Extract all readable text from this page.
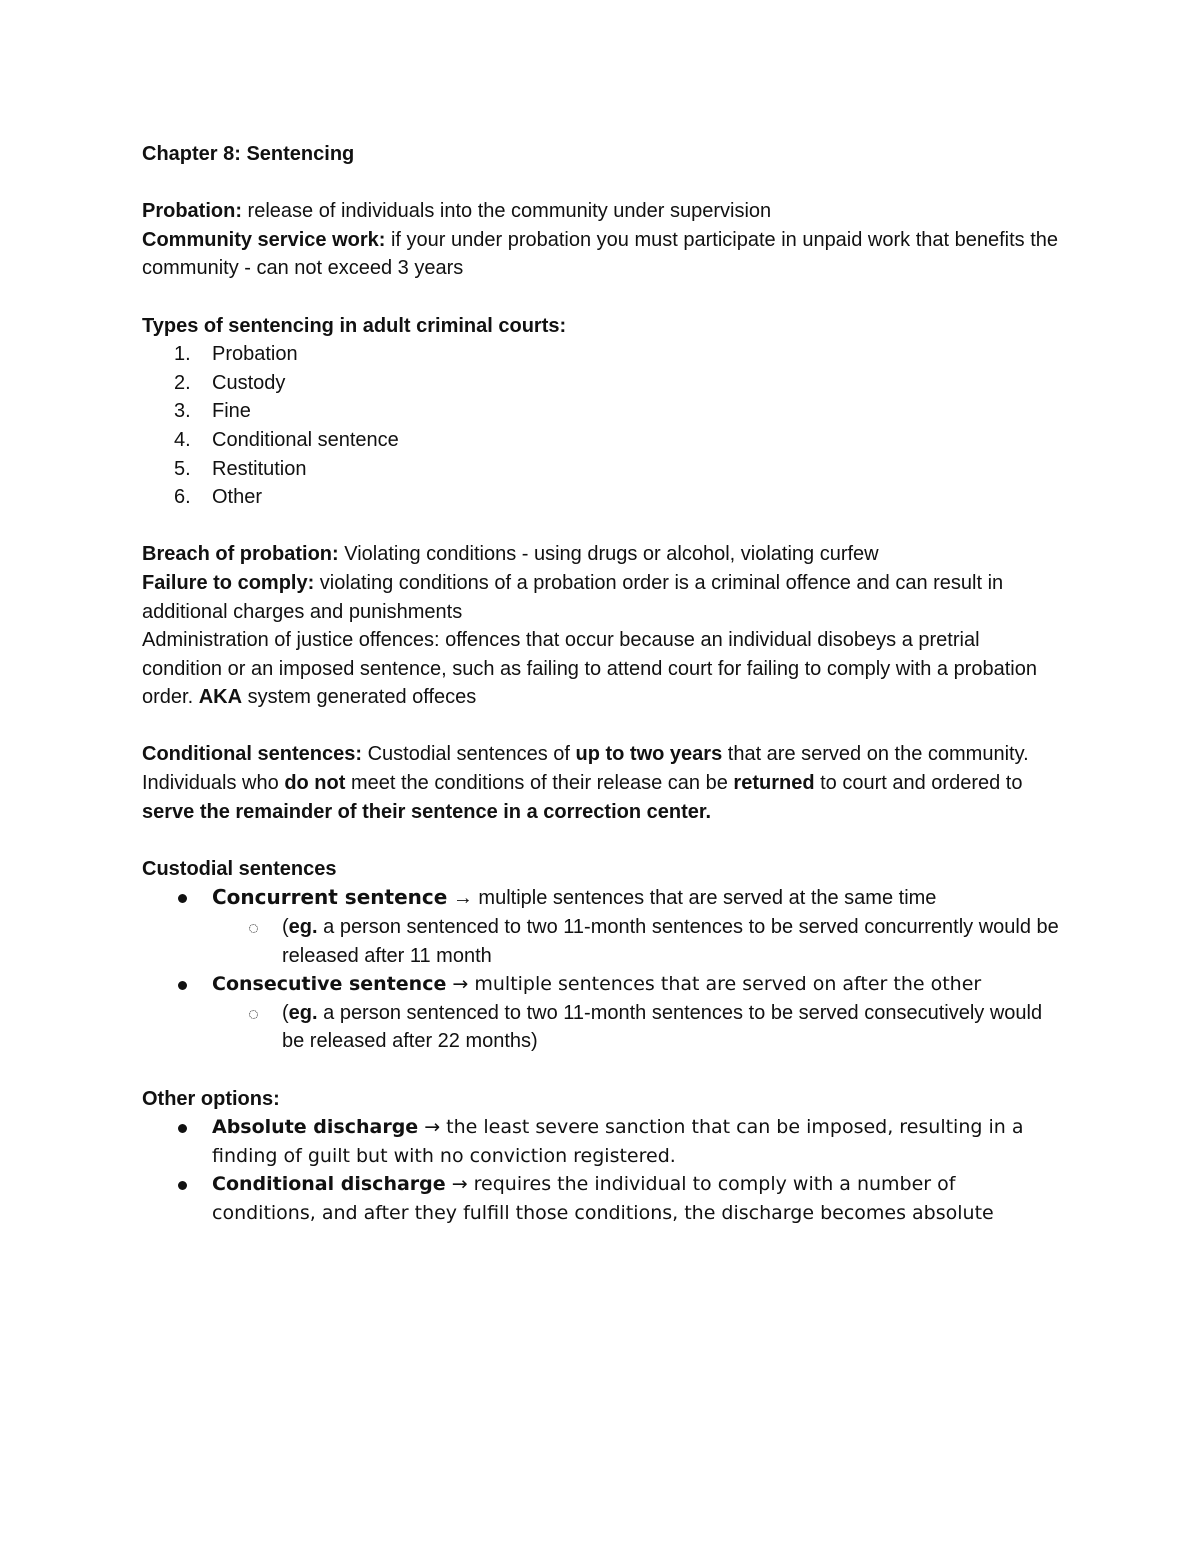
Chapter 8: Sentencing

Probation: release of individuals into the community under supervision

Community service work: if your under probation you must participate in unpaid work that benefits the community - can not exceed 3 years

Types of sentencing in adult criminal courts:

1. Probation
2. Custody
3. Fine
4. Conditional sentence
5. Restitution
6. Other

Breach of probation: Violating conditions - using drugs or alcohol, violating curfew

Failure to comply: violating conditions of a probation order is a criminal offence and can result in additional charges and punishments

Administration of justice offences: offences that occur because an individual disobeys a pretrial condition or an imposed sentence, such as failing to attend court for failing to comply with a probation order. AKA system generated offeces

Conditional sentences: Custodial sentences of up to two years that are served on the community. Individuals who do not meet the conditions of their release can be returned to court and ordered to serve the remainder of their sentence in a correction center.

Custodial sentences

Concurrent sentence → multiple sentences that are served at the same time
(eg. a person sentenced to two 11-month sentences to be served concurrently would be released after 11 month
Consecutive sentence → multiple sentences that are served on after the other
(eg. a person sentenced to two 11-month sentences to be served consecutively would be released after 22 months)

Other options:

Absolute discharge → the least severe sanction that can be imposed, resulting in a finding of guilt but with no conviction registered.
Conditional discharge → requires the individual to comply with a number of conditions, and after they fulfill those conditions, the discharge becomes absolute
